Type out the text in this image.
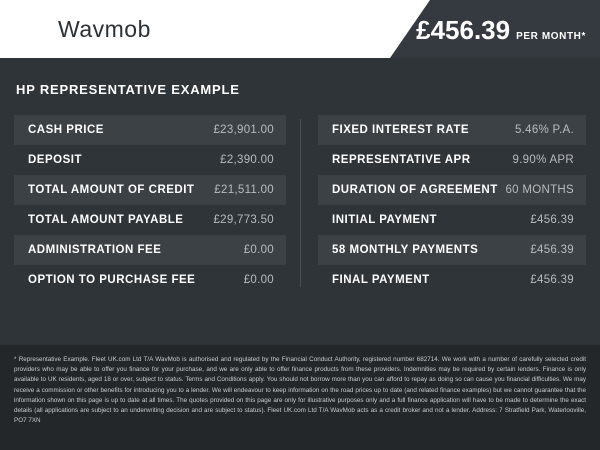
Wavmob	£456.39 PER MONTH*
HP REPRESENTATIVE EXAMPLE
CASH PRICE	£23,901.00
DEPOSIT	£2,390.00
TOTAL AMOUNT OF CREDIT £21,511.00
TOTAL AMOUNT PAYABLE	£29,773.50
ADMINISTRATION FEE	£0.00
OPTION TO PURCHASE FEE	£0.00
FIXED INTEREST RATE	5.46% P.A.
REPRESENTATIVE APR	9.90% APR
DURATION OF AGREEMENT 60 MONTHS
INITIAL PAYMENT	£456.39
58 MONTHLY PAYMENTS	£456.39
FINAL PAYMENT	£456.39
* Representative Example. Fleet UK.com Ltd T/A WavMob is authorised and regulated by the Financial Conduct Authority, registered number 682714. We work with a number of carefully selected credit providers who may be able to offer you finance for your purchase, and we are only able to offer finance products from these providers. Indemnities may be required by certain lenders. Finance is only available to UK residents, aged 18 or over, subject to status. Terms and Conditions apply. You should not borrow more than you can afford to repay as doing so can cause you financial difficulties. We may receive a commission or other benefits for introducing you to a lender. We will endeavour to keep information on the road prices up to date (and related finance examples) but we cannot guarantee that the information shown on this page is up to date at all times. The quotes provided on this page are only for illustrative purposes only and a full finance application will have to be made to determine the exact details (all applications are subject to an underwriting decision and are subject to status). Fleet UK.com Ltd T/A WavMob acts as a credit broker and not a lender. Address: 7 Stratfield Park, Waterlooville, PO7 7XN
